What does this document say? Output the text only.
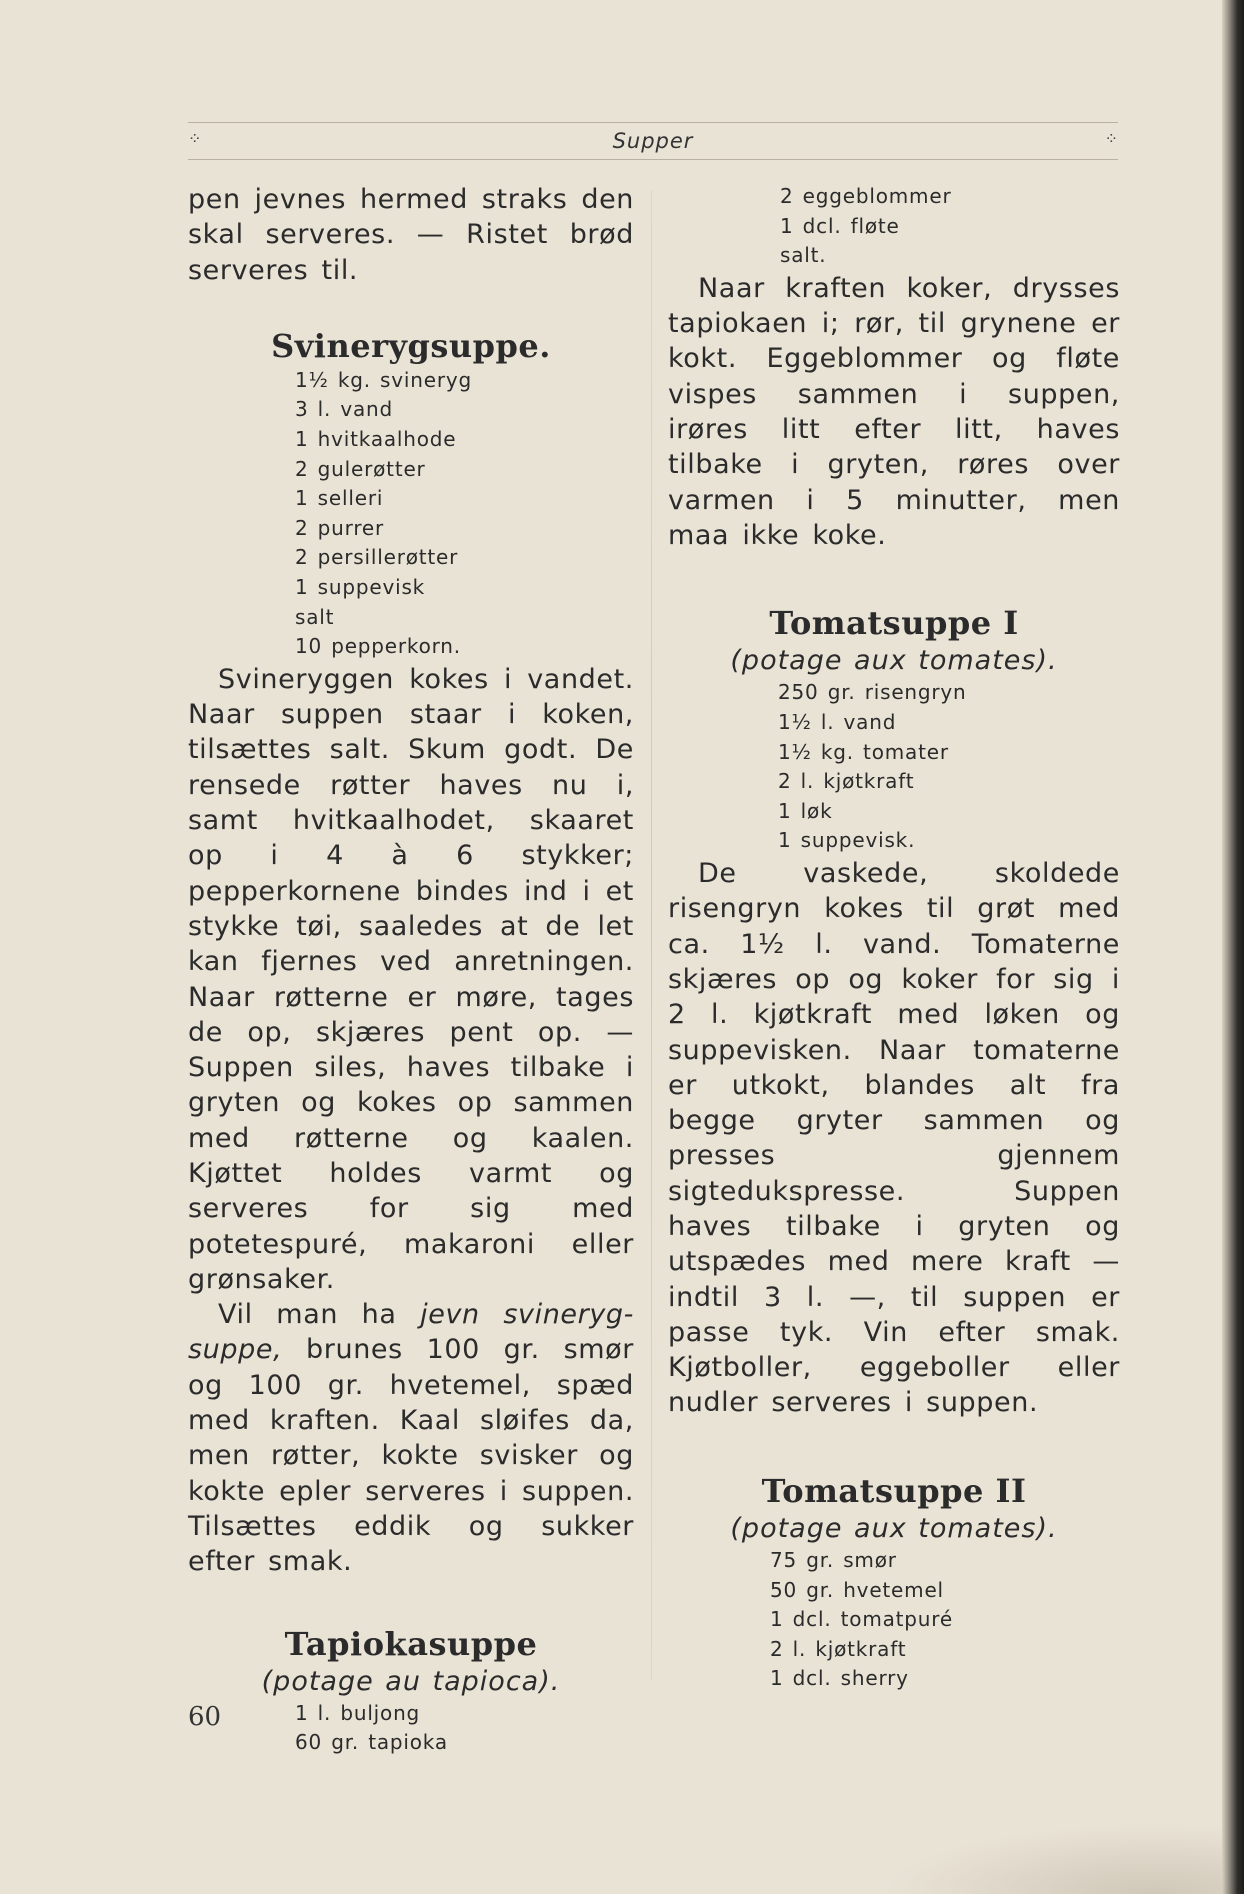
⁘	Supper	⁘

pen jevnes hermed straks den skal serveres. — Ristet brød serveres til.

Svinerygsuppe.
1½ kg. svineryg
3 l. vand
1 hvitkaalhode
2 gulerøtter
1 selleri
2 purrer
2 persillerøtter
1 suppevisk
salt
10 pepperkorn.

Svineryggen kokes i vandet. Naar suppen staar i koken, tilsættes salt. Skum godt. De rensede røtter haves nu i, samt hvitkaalhodet, skaaret op i 4 à 6 stykker; pepperkornene bindes ind i et stykke tøi, saaledes at de let kan fjernes ved anretningen. Naar røtterne er møre, tages de op, skjæres pent op. — Suppen siles, haves tilbake i gryten og kokes op sammen med røtterne og kaalen. Kjøttet holdes varmt og serveres for sig med potetespuré, makaroni eller grønsaker.

Vil man ha jevn svineryg-suppe, brunes 100 gr. smør og 100 gr. hvetemel, spæd med kraften. Kaal sløifes da, men røtter, kokte svisker og kokte epler serveres i suppen. Tilsættes eddik og sukker efter smak.

Tapiokasuppe

(potage au tapioca).

1 l. buljong
60 gr. tapioka
2 eggeblommer
1 dcl. fløte
salt.

Naar kraften koker, drysses tapiokaen i; rør, til grynene er kokt. Eggeblommer og fløte vispes sammen i suppen, irøres litt efter litt, haves tilbake i gryten, røres over varmen i 5 minutter, men maa ikke koke.

Tomatsuppe I

(potage aux tomates).

250 gr. risengryn
1½ l. vand
1½ kg. tomater
2 l. kjøtkraft
1 løk
1 suppevisk.

De vaskede, skoldede risengryn kokes til grøt med ca. 1½ l. vand. Tomaterne skjæres op og koker for sig i 2 l. kjøtkraft med løken og suppevisken. Naar tomaterne er utkokt, blandes alt fra begge gryter sammen og presses gjennem sigtedukspresse. Suppen haves tilbake i gryten og utspædes med mere kraft — indtil 3 l. —, til suppen er passe tyk. Vin efter smak. Kjøtboller, eggeboller eller nudler serveres i suppen.

Tomatsuppe II

(potage aux tomates).

75 gr. smør
50 gr. hvetemel
1 dcl. tomatpuré
2 l. kjøtkraft
1 dcl. sherry
60
